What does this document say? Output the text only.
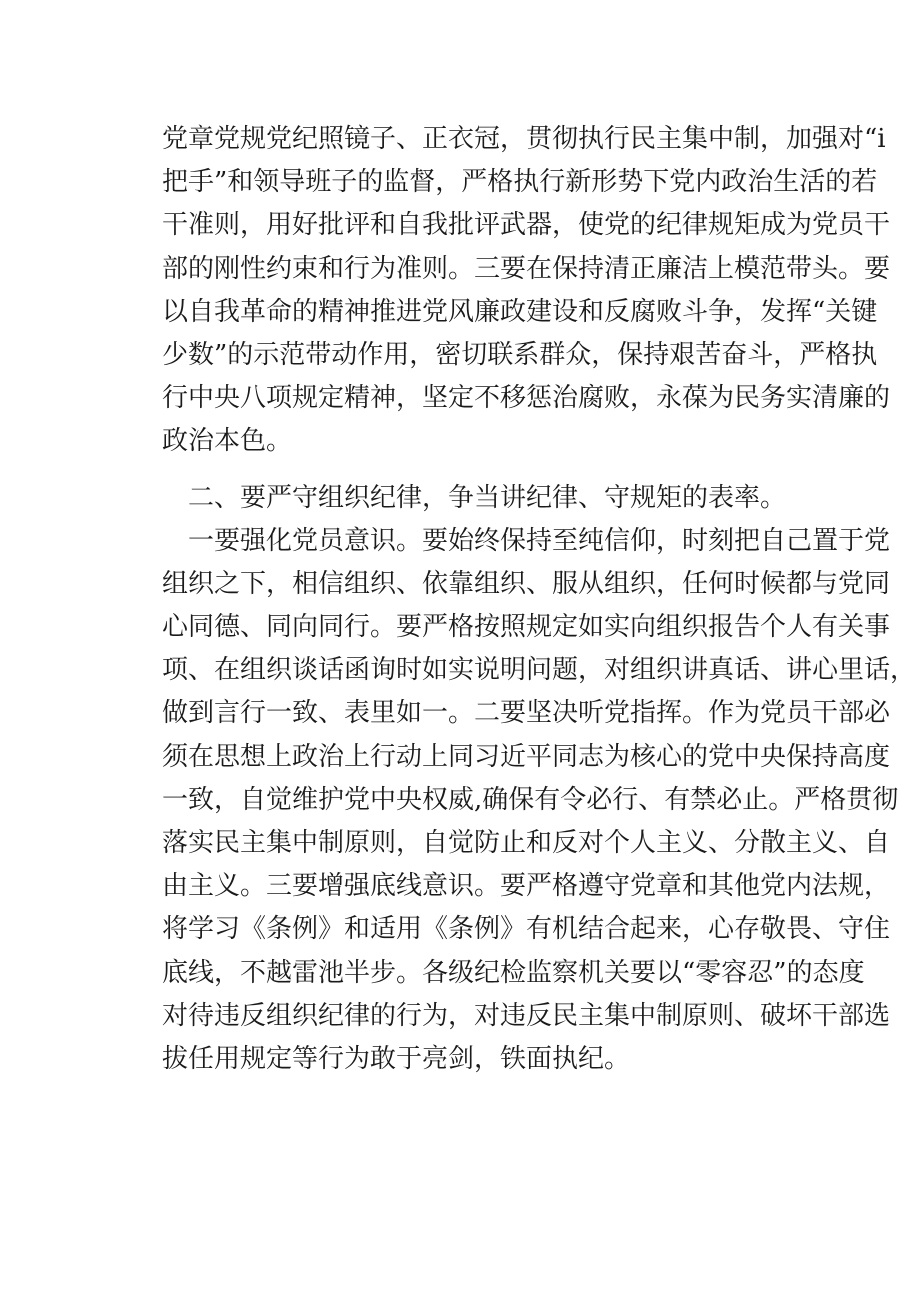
党章党规党纪照镜子、正衣冠，贯彻执行民主集中制，加强对“i
把手”和领导班子的监督，严格执行新形势下党内政治生活的若
干准则，用好批评和自我批评武器，使党的纪律规矩成为党员干
部的刚性约束和行为准则。三要在保持清正廉洁上模范带头。要
以自我革命的精神推进党风廉政建设和反腐败斗争，发挥“关键
少数”的示范带动作用，密切联系群众，保持艰苦奋斗，严格执
行中央八项规定精神，坚定不移惩治腐败，永葆为民务实清廉的
政治本色。
　二、要严守组织纪律，争当讲纪律、守规矩的表率。
　一要强化党员意识。要始终保持至纯信仰，时刻把自己置于党
组织之下，相信组织、依靠组织、服从组织，任何时候都与党同
心同德、同向同行。要严格按照规定如实向组织报告个人有关事
项、在组织谈话函询时如实说明问题，对组织讲真话、讲心里话，
做到言行一致、表里如一。二要坚决听党指挥。作为党员干部必
须在思想上政治上行动上同习近平同志为核心的党中央保持高度
一致，自觉维护党中央权威,确保有令必行、有禁必止。严格贯彻
落实民主集中制原则，自觉防止和反对个人主义、分散主义、自
由主义。三要增强底线意识。要严格遵守党章和其他党内法规，
将学习《条例》和适用《条例》有机结合起来，心存敬畏、守住
底线，不越雷池半步。各级纪检监察机关要以“零容忍”的态度
对待违反组织纪律的行为，对违反民主集中制原则、破坏干部选
拔任用规定等行为敢于亮剑，铁面执纪。
